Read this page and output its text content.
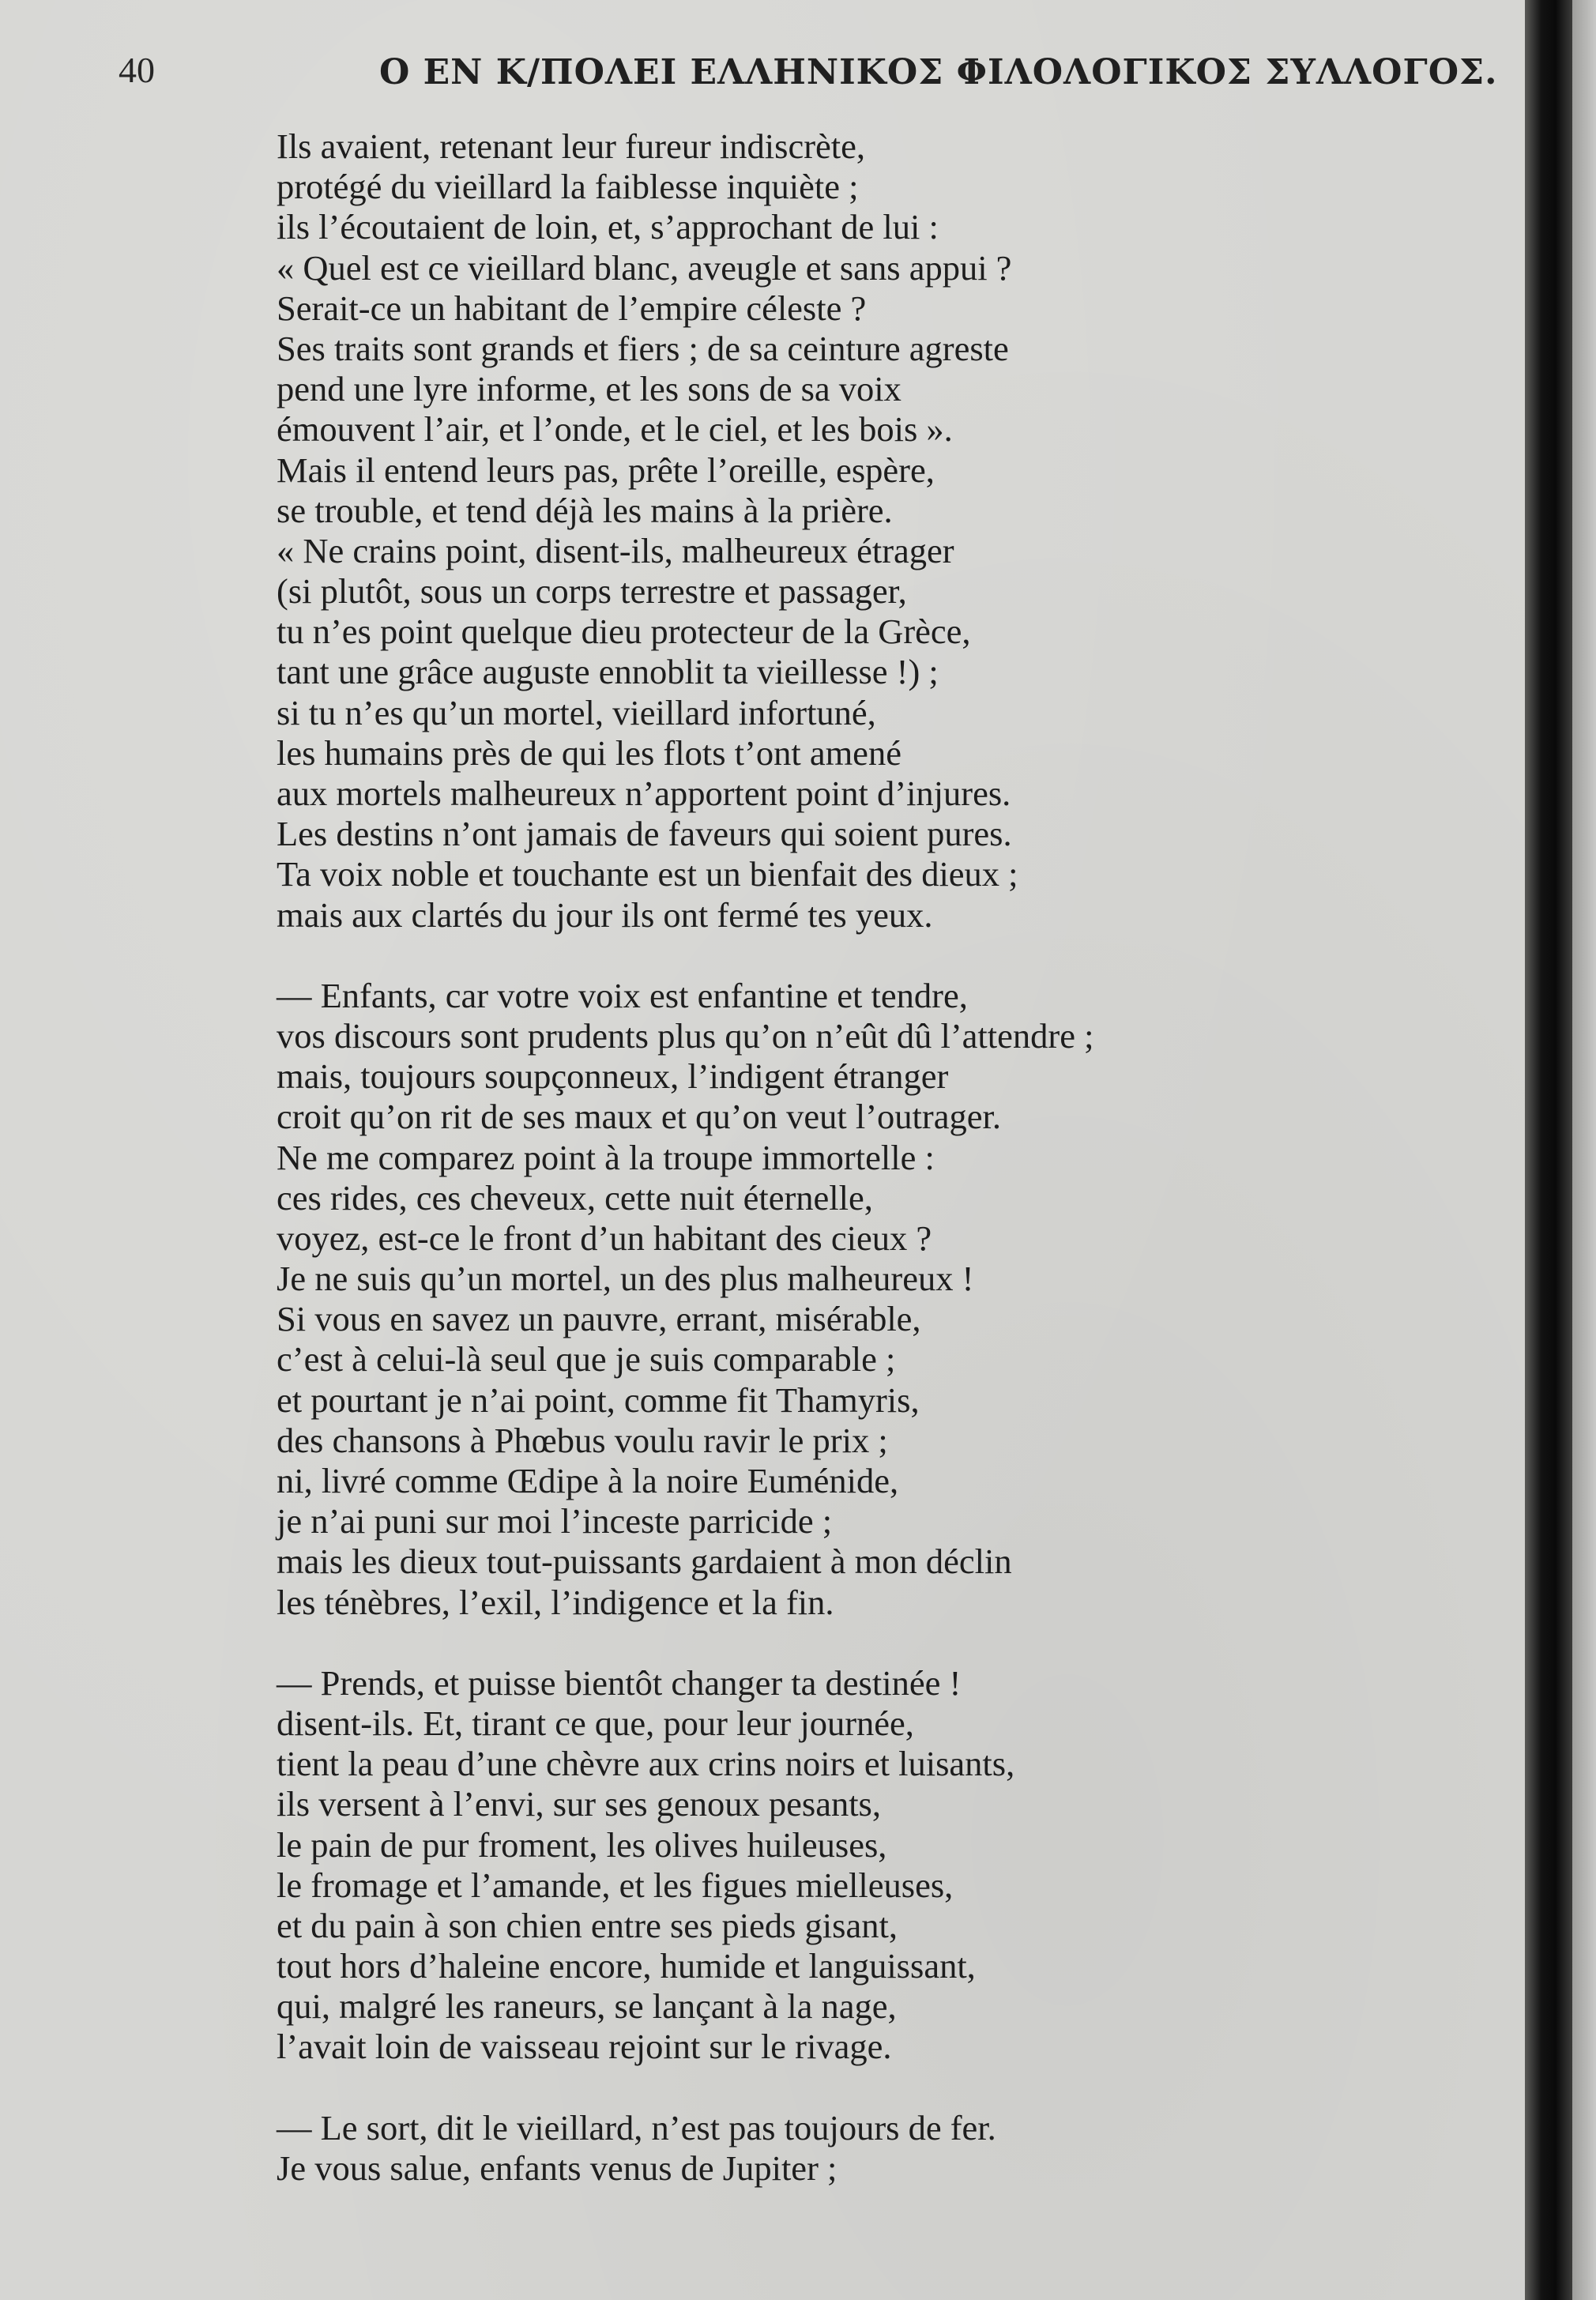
40	Ο ΕΝ Κ/ΠΟΛΕΙ ΕΛΛΗΝΙΚΟΣ ΦΙΛΟΛΟΓΙΚΟΣ ΣΥΛΛΟΓΟΣ.
Ils avaient, retenant leur fureur indiscrète,
protégé du vieillard la faiblesse inquiète ;
ils l’écoutaient de loin, et, s’approchant de lui :
« Quel est ce vieillard blanc, aveugle et sans appui ?
Serait-ce un habitant de l’empire céleste ?
Ses traits sont grands et fiers ; de sa ceinture agreste
pend une lyre informe, et les sons de sa voix
émouvent l’air, et l’onde, et le ciel, et les bois ».
Mais il entend leurs pas, prête l’oreille, espère,
se trouble, et tend déjà les mains à la prière.
« Ne crains point, disent-ils, malheureux étrager
(si plutôt, sous un corps terrestre et passager,
tu n’es point quelque dieu protecteur de la Grèce,
tant une grâce auguste ennoblit ta vieillesse !) ;
si tu n’es qu’un mortel, vieillard infortuné,
les humains près de qui les flots t’ont amené
aux mortels malheureux n’apportent point d’injures.
Les destins n’ont jamais de faveurs qui soient pures.
Ta voix noble et touchante est un bienfait des dieux ;
mais aux clartés du jour ils ont fermé tes yeux.
— Enfants, car votre voix est enfantine et tendre,
vos discours sont prudents plus qu’on n’eût dû l’attendre ;
mais, toujours soupçonneux, l’indigent étranger
croit qu’on rit de ses maux et qu’on veut l’outrager.
Ne me comparez point à la troupe immortelle :
ces rides, ces cheveux, cette nuit éternelle,
voyez, est-ce le front d’un habitant des cieux ?
Je ne suis qu’un mortel, un des plus malheureux !
Si vous en savez un pauvre, errant, misérable,
c’est à celui-là seul que je suis comparable ;
et pourtant je n’ai point, comme fit Thamyris,
des chansons à Phœbus voulu ravir le prix ;
ni, livré comme Œdipe à la noire Euménide,
je n’ai puni sur moi l’inceste parricide ;
mais les dieux tout-puissants gardaient à mon déclin
les ténèbres, l’exil, l’indigence et la fin.
— Prends, et puisse bientôt changer ta destinée !
disent-ils. Et, tirant ce que, pour leur journée,
tient la peau d’une chèvre aux crins noirs et luisants,
ils versent à l’envi, sur ses genoux pesants,
le pain de pur froment, les olives huileuses,
le fromage et l’amande, et les figues mielleuses,
et du pain à son chien entre ses pieds gisant,
tout hors d’haleine encore, humide et languissant,
qui, malgré les raneurs, se lançant à la nage,
l’avait loin de vaisseau rejoint sur le rivage.
— Le sort, dit le vieillard, n’est pas toujours de fer.
Je vous salue, enfants venus de Jupiter ;
